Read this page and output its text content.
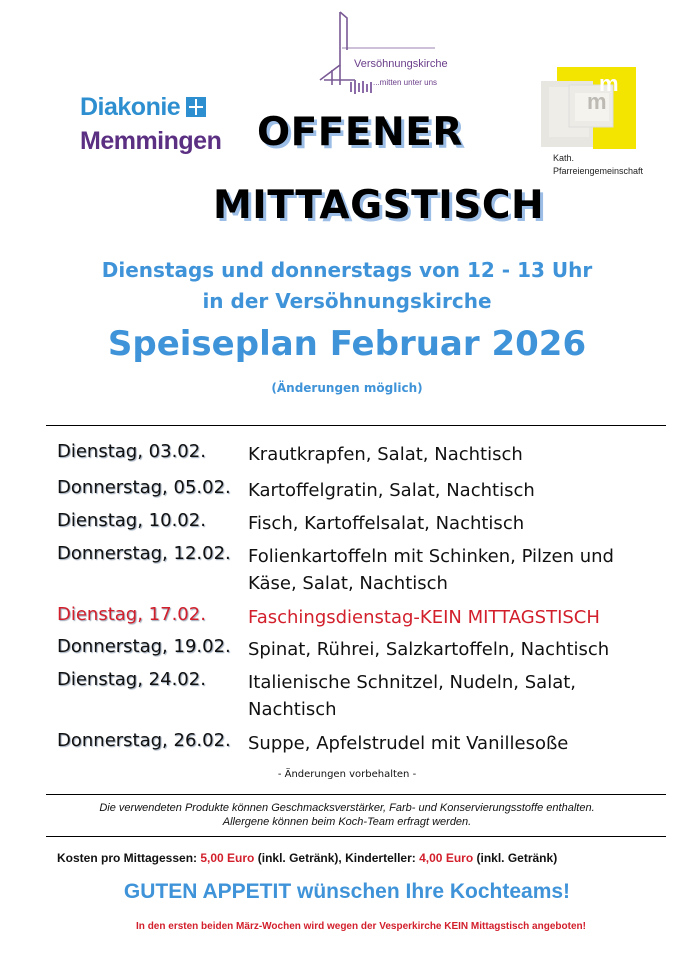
Diakonie
Memmingen
Versöhnungskirche
...mitten unter uns	m
m
Kath.
Pfarreiengemeinschaft
OFFENER
MITTAGSTISCH
Dienstags und donnerstags von 12 - 13 Uhr
in der Versöhnungskirche
Speiseplan Februar 2026
(Änderungen möglich)
Dienstag, 03.02. Krautkrapfen, Salat, Nachtisch
Donnerstag, 05.02. Kartoffelgratin, Salat, Nachtisch
Dienstag, 10.02. Fisch, Kartoffelsalat, Nachtisch
Donnerstag, 12.02. Folienkartoffeln mit Schinken, Pilzen und Käse, Salat, Nachtisch
Dienstag, 17.02. Faschingsdienstag-KEIN MITTAGSTISCH
Donnerstag, 19.02. Spinat, Rührei, Salzkartoffeln, Nachtisch
Dienstag, 24.02. Italienische Schnitzel, Nudeln, Salat, Nachtisch
Donnerstag, 26.02. Suppe, Apfelstrudel mit Vanillesoße
- Änderungen vorbehalten -
Die verwendeten Produkte können Geschmacksverstärker, Farb- und Konservierungsstoffe enthalten.
Allergene können beim Koch-Team erfragt werden.
Kosten pro Mittagessen: 5,00 Euro (inkl. Getränk), Kinderteller: 4,00 Euro (inkl. Getränk)
GUTEN APPETIT wünschen Ihre Kochteams!
In den ersten beiden März-Wochen wird wegen der Vesperkirche KEIN Mittagstisch angeboten!
